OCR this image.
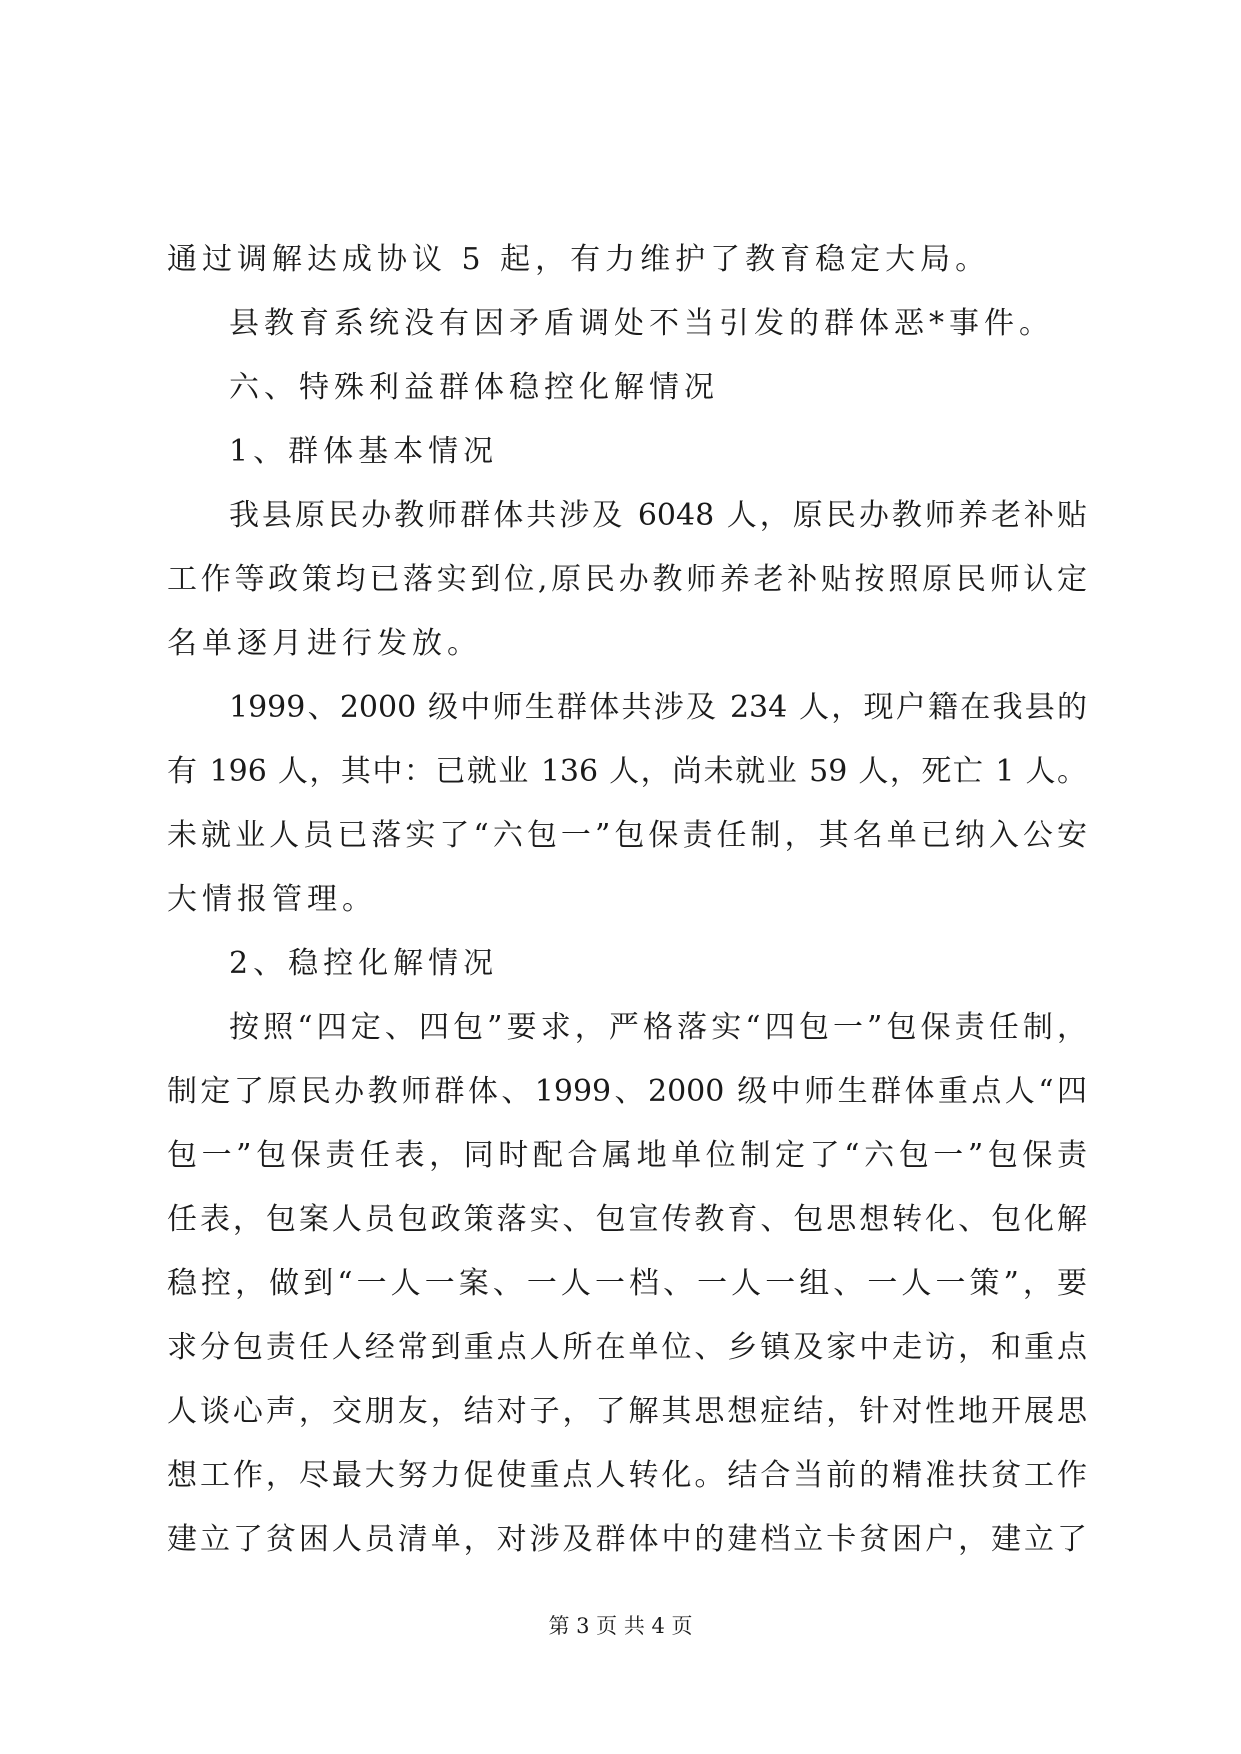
通过调解达成协议 5 起，有力维护了教育稳定大局。
县教育系统没有因矛盾调处不当引发的群体恶*事件。
六、特殊利益群体稳控化解情况
1、群体基本情况
我县原民办教师群体共涉及 6048 人，原民办教师养老补贴
工作等政策均已落实到位,原民办教师养老补贴按照原民师认定
名单逐月进行发放。
1999、2000 级中师生群体共涉及 234 人，现户籍在我县的
有 196 人，其中：已就业 136 人，尚未就业 59 人，死亡 1 人。
未就业人员已落实了“六包一”包保责任制，其名单已纳入公安
大情报管理。
2、稳控化解情况
按照“四定、四包”要求，严格落实“四包一”包保责任制，
制定了原民办教师群体、1999、2000 级中师生群体重点人“四
包一”包保责任表，同时配合属地单位制定了“六包一”包保责
任表，包案人员包政策落实、包宣传教育、包思想转化、包化解
稳控，做到“一人一案、一人一档、一人一组、一人一策”，要
求分包责任人经常到重点人所在单位、乡镇及家中走访，和重点
人谈心声，交朋友，结对子，了解其思想症结，针对性地开展思
想工作，尽最大努力促使重点人转化。结合当前的精准扶贫工作
建立了贫困人员清单，对涉及群体中的建档立卡贫困户，建立了
第 3 页 共 4 页
